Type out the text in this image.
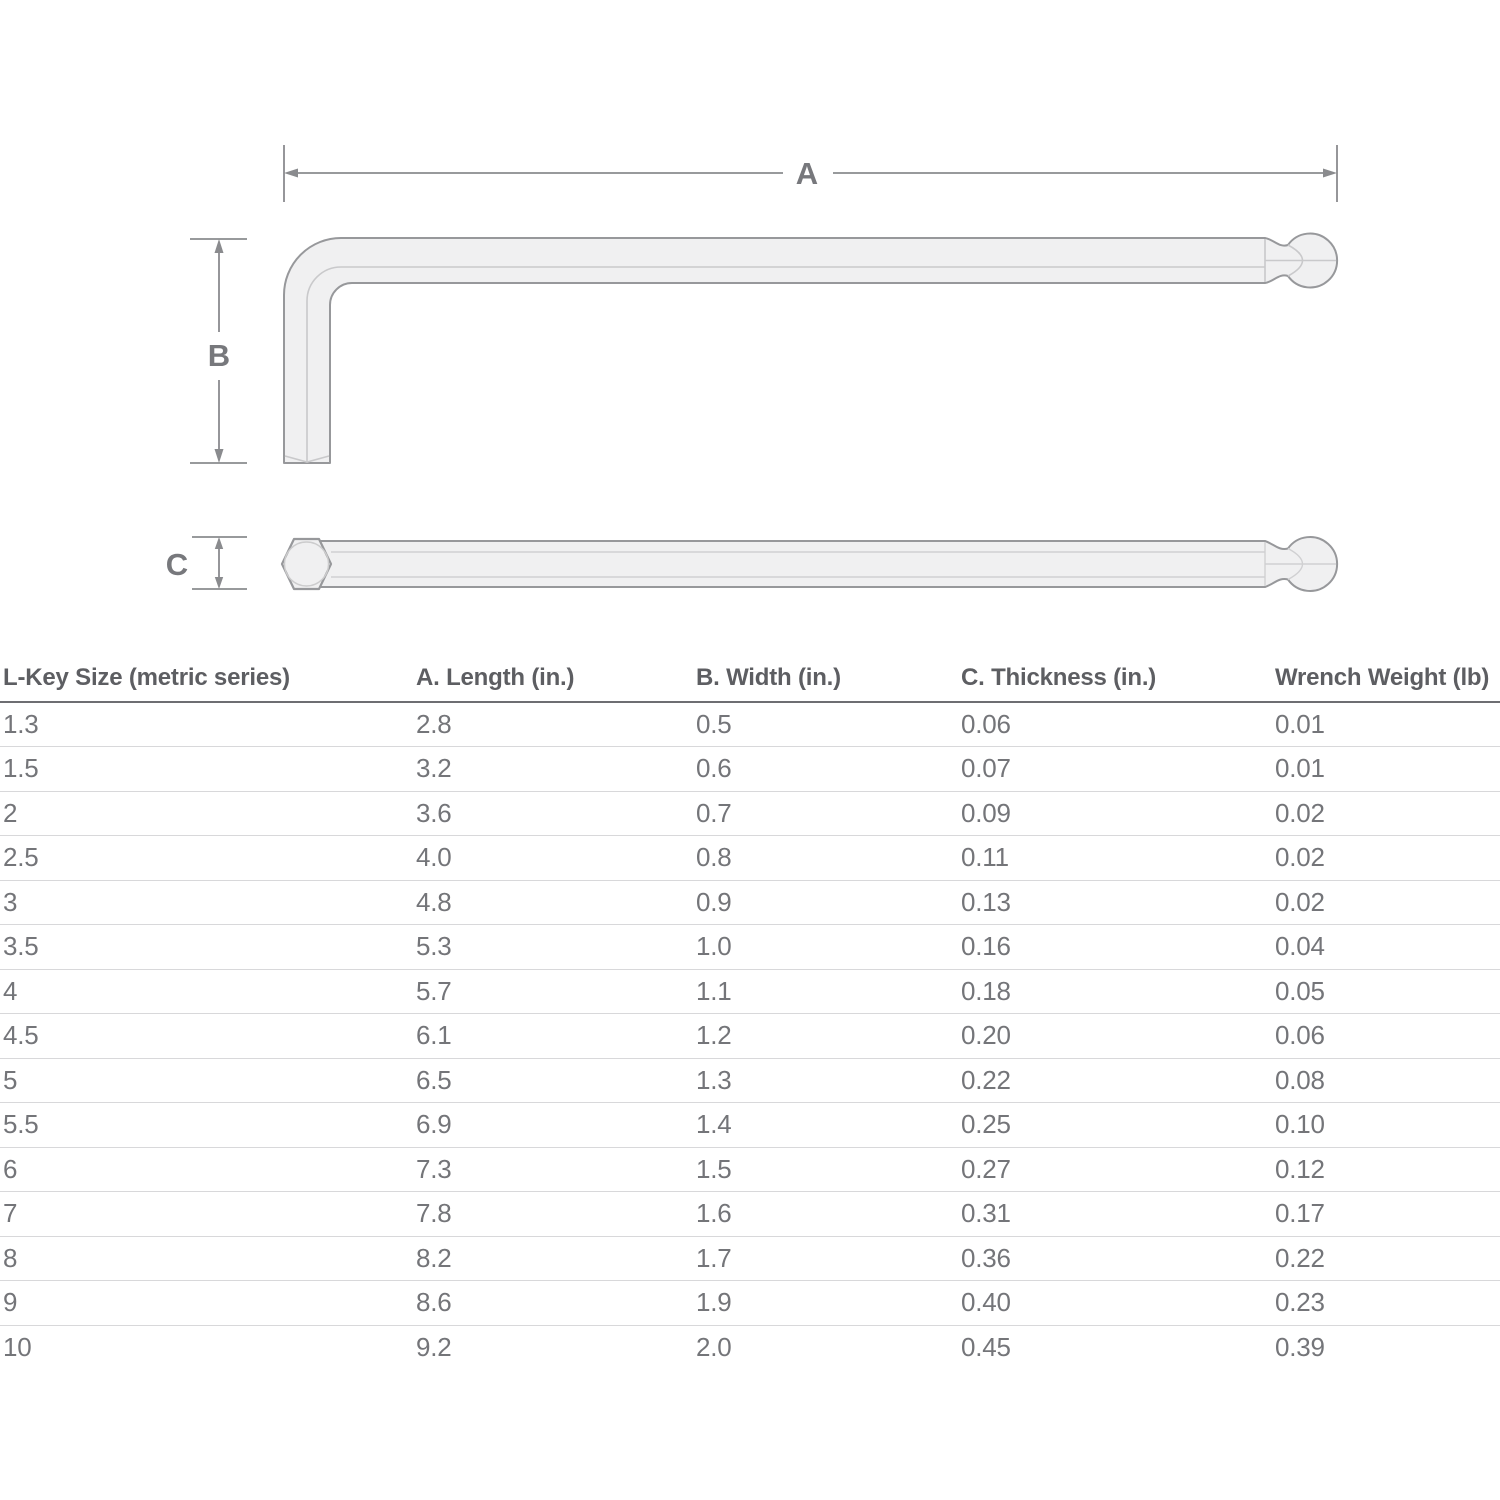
A
B
C
L-Key Size (metric series)	A. Length (in.)	B. Width (in.)	C. Thickness (in.)	Wrench Weight (lb)
1.3	2.8	0.5	0.06	0.01
1.5	3.2	0.6	0.07	0.01
2	3.6	0.7	0.09	0.02
2.5	4.0	0.8	0.11	0.02
3	4.8	0.9	0.13	0.02
3.5	5.3	1.0	0.16	0.04
4	5.7	1.1	0.18	0.05
4.5	6.1	1.2	0.20	0.06
5	6.5	1.3	0.22	0.08
5.5	6.9	1.4	0.25	0.10
6	7.3	1.5	0.27	0.12
7	7.8	1.6	0.31	0.17
8	8.2	1.7	0.36	0.22
9	8.6	1.9	0.40	0.23
10	9.2	2.0	0.45	0.39
